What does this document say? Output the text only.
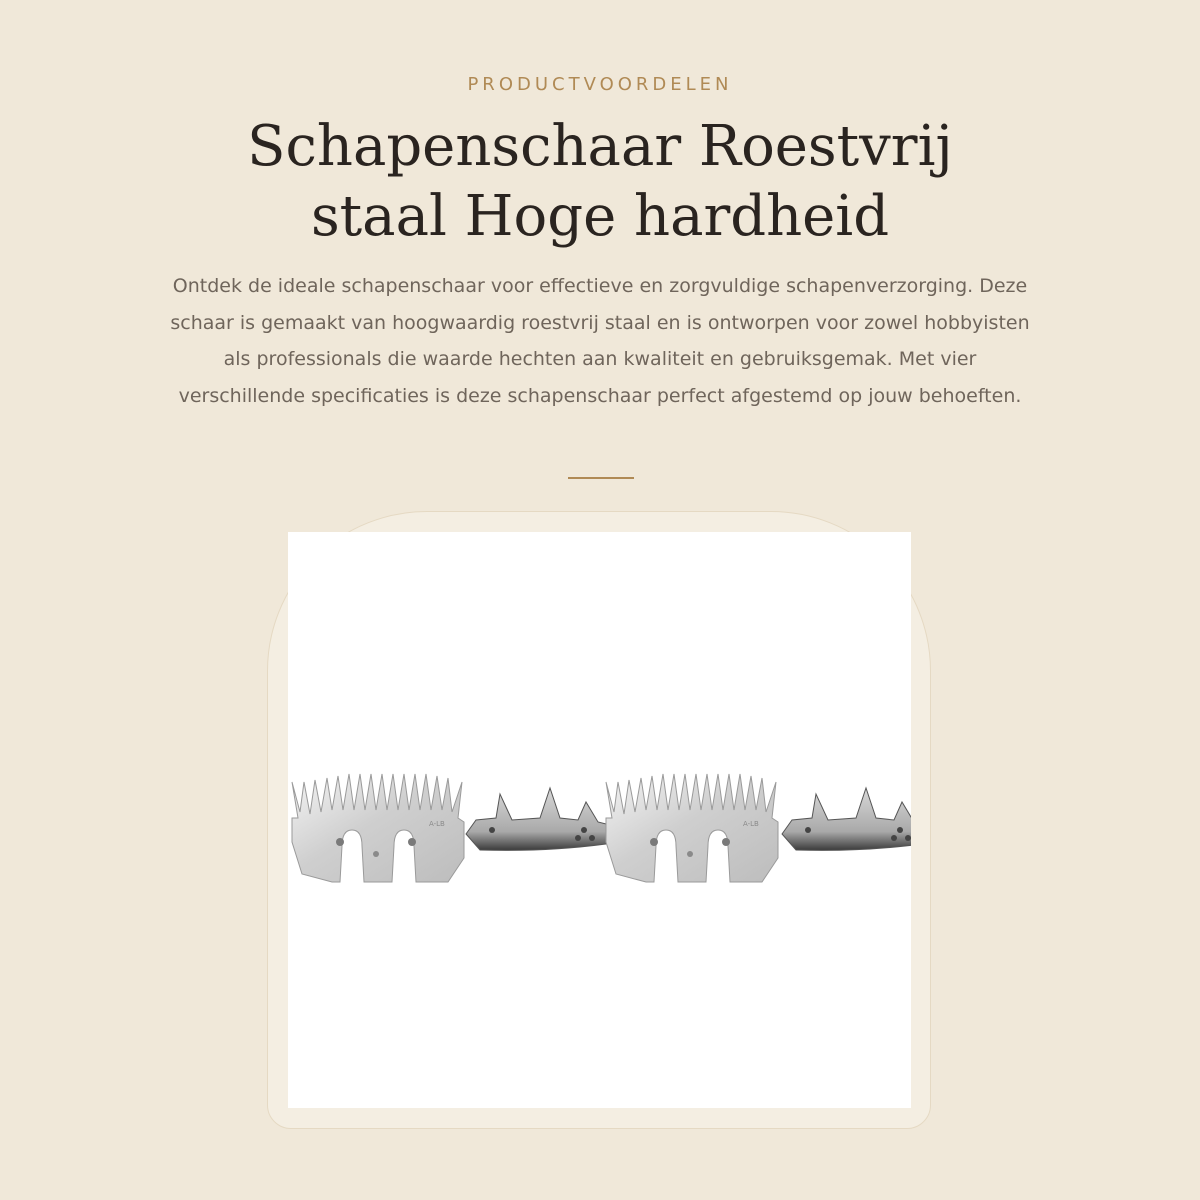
PRODUCTVOORDELEN
Schapenschaar Roestvrij staal Hoge hardheid

Ontdek de ideale schapenschaar voor effectieve en zorgvuldige schapenverzorging. Deze schaar is gemaakt van hoogwaardig roestvrij staal en is ontworpen voor zowel hobbyisten als professionals die waarde hechten aan kwaliteit en gebruiksgemak. Met vier verschillende specificaties is deze schapenschaar perfect afgestemd op jouw behoeften.

A-LB	A-LB
